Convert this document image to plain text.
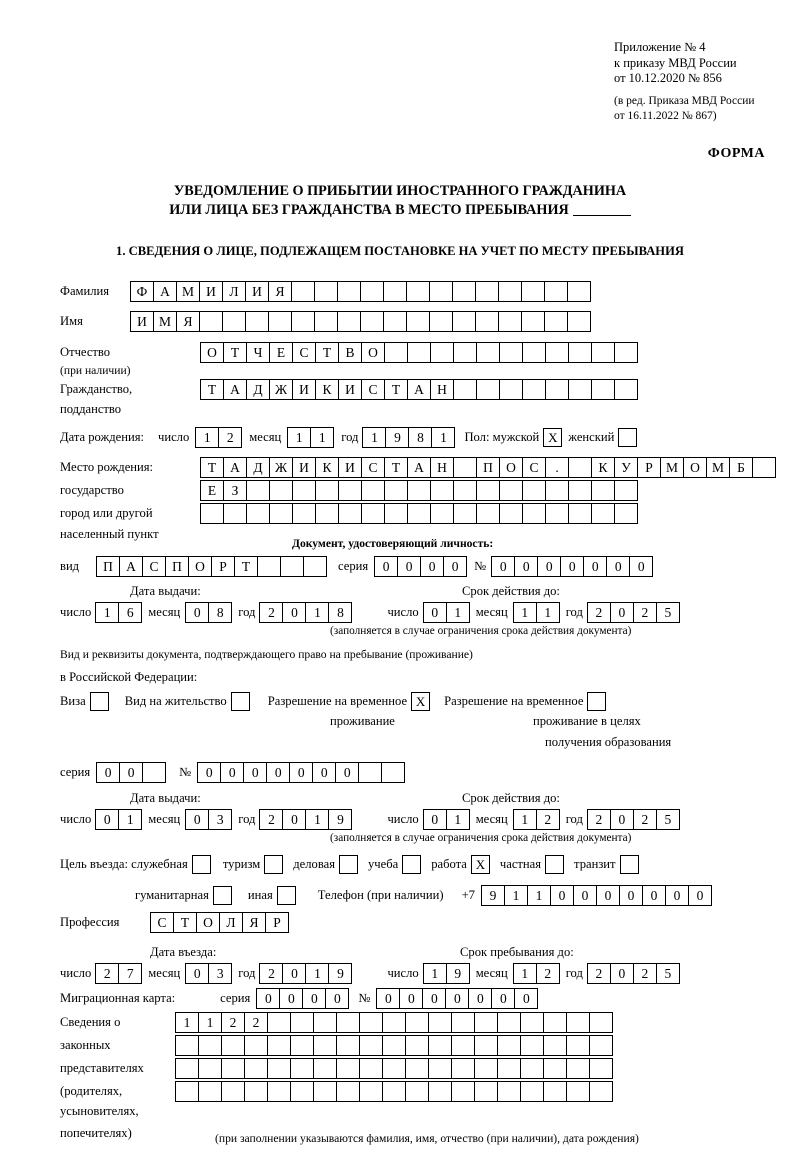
Приложение № 4
к приказу МВД России
от 10.12.2020 № 856
(в ред. Приказа МВД России
от 16.11.2022 № 867)
ФОРМА
УВЕДОМЛЕНИЕ О ПРИБЫТИИ ИНОСТРАННОГО ГРАЖДАНИНА
ИЛИ ЛИЦА БЕЗ ГРАЖДАНСТВА В МЕСТО ПРЕБЫВАНИЯ
1. СВЕДЕНИЯ О ЛИЦЕ, ПОДЛЕЖАЩЕМ ПОСТАНОВКЕ НА УЧЕТ ПО МЕСТУ ПРЕБЫВАНИЯ
Фамилия	Ф А М И	Л	И	Я
Имя	И М Я
Отчество	О	Т	Ч	Е	С	Т	В	О
(при наличии)
Гражданство,	Т	А	Д Ж И	К	И	С	Т	А Н
подданство
Дата рождения: число	1	2	месяц	1	1	год 1	9	8	1	Пол: мужской Х женский
Место рождения:	Т	А	Д Ж И	К	И	С	Т	А Н	П О	С	.	К	У	Р М О М Б
государство	Е	З
город или другой
населенный пункт
Документ, удостоверяющий личность:
вид	П А	С	П О	Р	Т	серия	0	0	0	0	№	0	0	0	0	0	0	0
Дата выдачи:	Срок действия до:
число 1	6	месяц	0	8	год 2	0	1	8	число 0	1	месяц	1	1	год 2	0	2	5
(заполняется в случае ограничения срока действия документа)
Вид и реквизиты документа, подтверждающего право на пребывание (проживание)
в Российской Федерации:
Виза	Вид на жительство	Разрешение на временное Х	Разрешение на временное
проживание	проживание в целях
получения образования
серия	0	0	№	0	0	0	0	0	0	0
Дата выдачи:	Срок действия до:
число 0	1	месяц	0	3	год 2	0	1	9	число 0	1	месяц	1	2	год 2	0	2	5
(заполняется в случае ограничения срока действия документа)
Цель въезда: служебная	туризм	деловая	учеба	работа Х	частная	транзит
гуманитарная	иная	Телефон (при наличии) +7	9	1	1	0	0	0	0	0	0	0
Профессия	С	Т	О	Л	Я	Р
Дата въезда:	Срок пребывания до:
число 2	7	месяц	0	3	год 2	0	1	9	число 1	9	месяц	1	2	год 2	0	2	5
Миграционная карта:	серия	0	0	0	0	№	0	0	0	0	0	0	0
Сведения о	1	1	2	2
законных
представителях
(родителях,
усыновителях,
попечителях)	(при заполнении указываются фамилия, имя, отчество (при наличии), дата рождения)
